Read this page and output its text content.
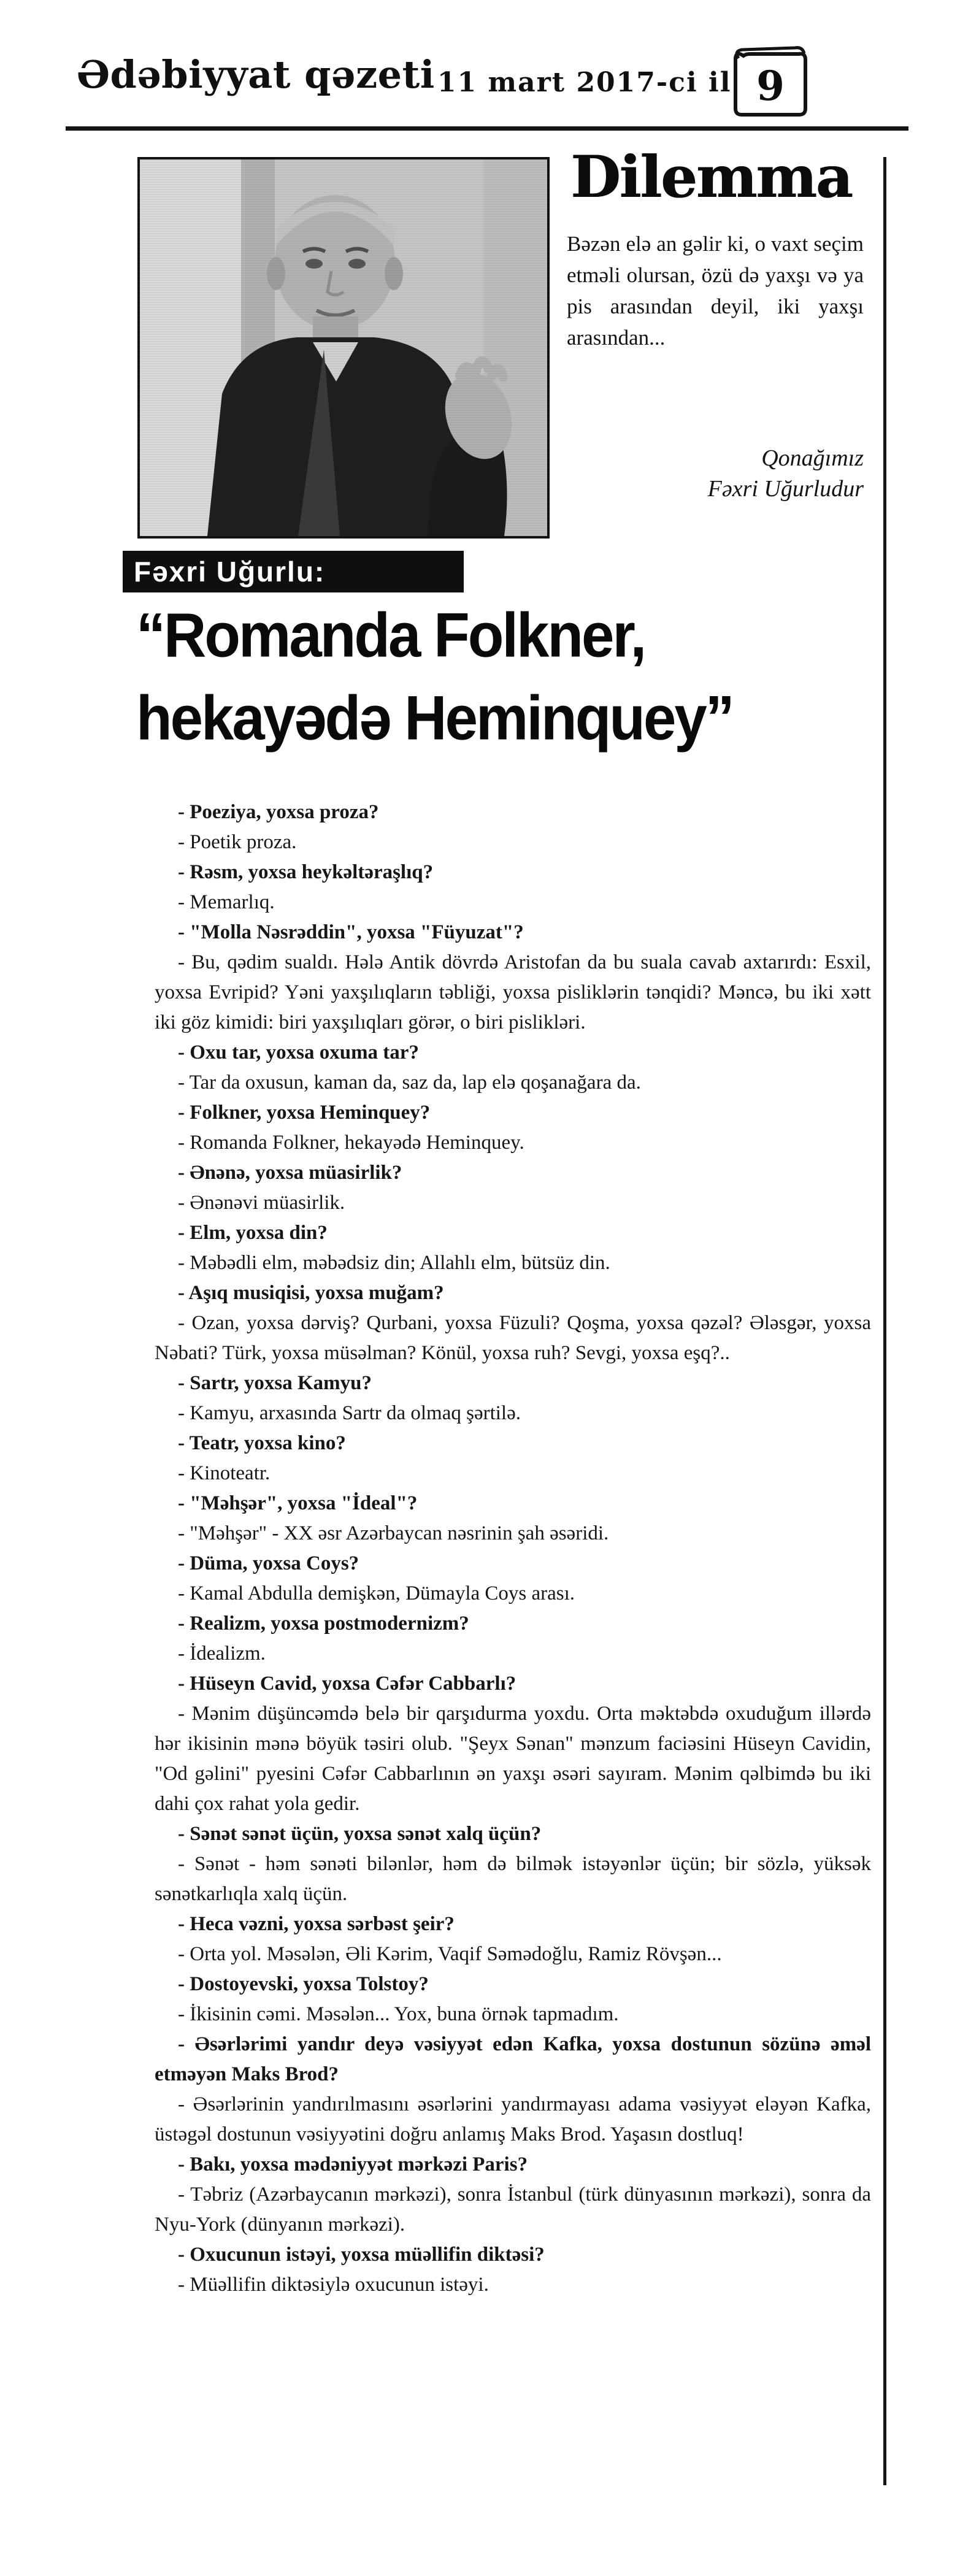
Ədəbiyyat qəzeti 11 mart 2017-ci il 9
Dilemma

Bəzən elə an gəlir ki, o vaxt seçim etməli olursan, özü də yaxşı və ya pis arasından deyil, iki yaxşı arasından...

Qonağımız
Fəxri Uğurludur

Fəxri Uğurlu:
“Romanda Folkner,
hekayədə Heminquey”

- Poeziya, yoxsa proza?

- Poetik proza.

- Rəsm, yoxsa heykəltəraşlıq?

- Memarlıq.

- "Molla Nəsrəddin", yoxsa "Füyuzat"?

- Bu, qədim sualdı. Hələ Antik dövrdə Aristofan da bu suala cavab axtarırdı: Esxil, yoxsa Evripid? Yəni yaxşılıqların təbliği, yoxsa pisliklərin tənqidi? Məncə, bu iki xətt iki göz kimidi: biri yaxşılıqları görər, o biri pislikləri.

- Oxu tar, yoxsa oxuma tar?

- Tar da oxusun, kaman da, saz da, lap elə qoşanağara da.

- Folkner, yoxsa Heminquey?

- Romanda Folkner, hekayədə Heminquey.

- Ənənə, yoxsa müasirlik?

- Ənənəvi müasirlik.

- Elm, yoxsa din?

- Məbədli elm, məbədsiz din; Allahlı elm, bütsüz din.

- Aşıq musiqisi, yoxsa muğam?

- Ozan, yoxsa dərviş? Qurbani, yoxsa Füzuli? Qoşma, yoxsa qəzəl? Ələsgər, yoxsa Nəbati? Türk, yoxsa müsəlman? Könül, yoxsa ruh? Sevgi, yoxsa eşq?..

- Sartr, yoxsa Kamyu?

- Kamyu, arxasında Sartr da olmaq şərtilə.

- Teatr, yoxsa kino?

- Kinoteatr.

- "Məhşər", yoxsa "İdeal"?

- "Məhşər" - XX əsr Azərbaycan nəsrinin şah əsəridi.

- Düma, yoxsa Coys?

- Kamal Abdulla demişkən, Dümayla Coys arası.

- Realizm, yoxsa postmodernizm?

- İdealizm.

- Hüseyn Cavid, yoxsa Cəfər Cabbarlı?

- Mənim düşüncəmdə belə bir qarşıdurma yoxdu. Orta məktəbdə oxuduğum illərdə hər ikisinin mənə böyük təsiri olub. "Şeyx Sənan" mənzum faciəsini Hüseyn Cavidin, "Od gəlini" pyesini Cəfər Cabbarlının ən yaxşı əsəri sayıram. Mənim qəlbimdə bu iki dahi çox rahat yola gedir.

- Sənət sənət üçün, yoxsa sənət xalq üçün?

- Sənət - həm sənəti bilənlər, həm də bilmək istəyənlər üçün; bir sözlə, yüksək sənətkarlıqla xalq üçün.

- Heca vəzni, yoxsa sərbəst şeir?

- Orta yol. Məsələn, Əli Kərim, Vaqif Səmədoğlu, Ramiz Rövşən...

- Dostoyevski, yoxsa Tolstoy?

- İkisinin cəmi. Məsələn... Yox, buna örnək tapmadım.

- Əsərlərimi yandır deyə vəsiyyət edən Kafka, yoxsa dostunun sözünə əməl etməyən Maks Brod?

- Əsərlərinin yandırılmasını əsərlərini yandırmayası adama vəsiyyət eləyən Kafka, üstəgəl dostunun vəsiyyətini doğru anlamış Maks Brod. Yaşasın dostluq!

- Bakı, yoxsa mədəniyyət mərkəzi Paris?

- Təbriz (Azərbaycanın mərkəzi), sonra İstanbul (türk dünyasının mərkəzi), sonra da Nyu-York (dünyanın mərkəzi).

- Oxucunun istəyi, yoxsa müəllifin diktəsi?

- Müəllifin diktəsiylə oxucunun istəyi.
